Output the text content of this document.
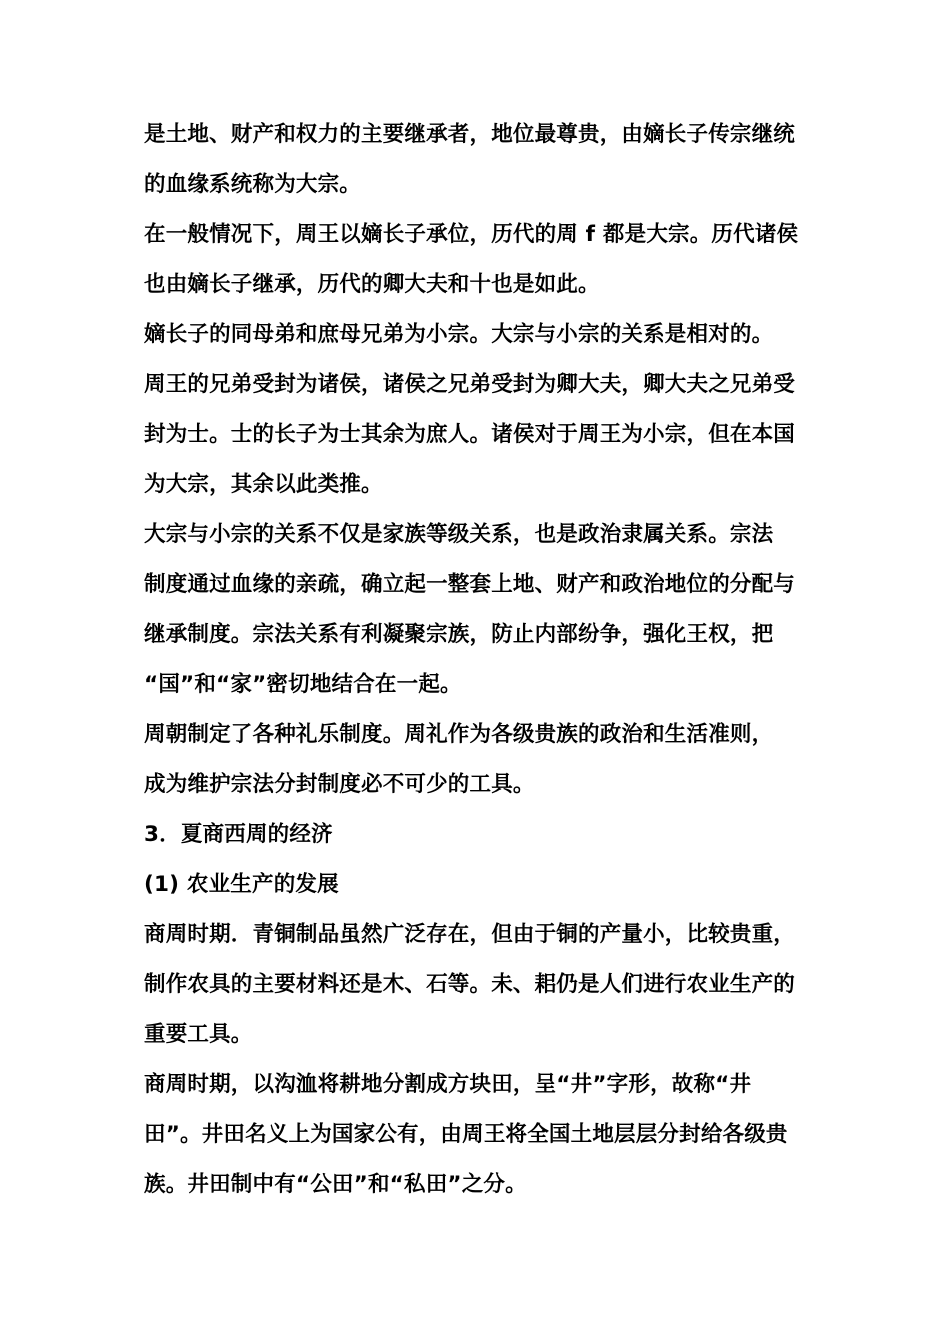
是土地、财产和权力的主要继承者，地位最尊贵，由嫡长子传宗继统
的血缘系统称为大宗。
在一般情况下，周王以嫡长子承位，历代的周 f 都是大宗。历代诸侯
也由嫡长子继承，历代的卿大夫和十也是如此。
嫡长子的同母弟和庶母兄弟为小宗。大宗与小宗的关系是相对的。
周王的兄弟受封为诸侯，诸侯之兄弟受封为卿大夫，卿大夫之兄弟受
封为士。士的长子为士其余为庶人。诸侯对于周王为小宗，但在本国
为大宗，其余以此类推。
大宗与小宗的关系不仅是家族等级关系，也是政治隶属关系。宗法
制度通过血缘的亲疏，确立起一整套上地、财产和政治地位的分配与
继承制度。宗法关系有利凝聚宗族，防止内部纷争，强化王权，把
“国”和“家”密切地结合在一起。
周朝制定了各种礼乐制度。周礼作为各级贵族的政治和生活准则，
成为维护宗法分封制度必不可少的工具。
3．夏商西周的经济
(1) 农业生产的发展
商周时期．青铜制品虽然广泛存在，但由于铜的产量小，比较贵重，
制作农具的主要材料还是木、石等。未、耜仍是人们进行农业生产的
重要工具。
商周时期，以沟洫将耕地分割成方块田，呈“井”字形，故称“井
田”。井田名义上为国家公有，由周王将全国土地层层分封给各级贵
族。井田制中有“公田”和“私田”之分。
